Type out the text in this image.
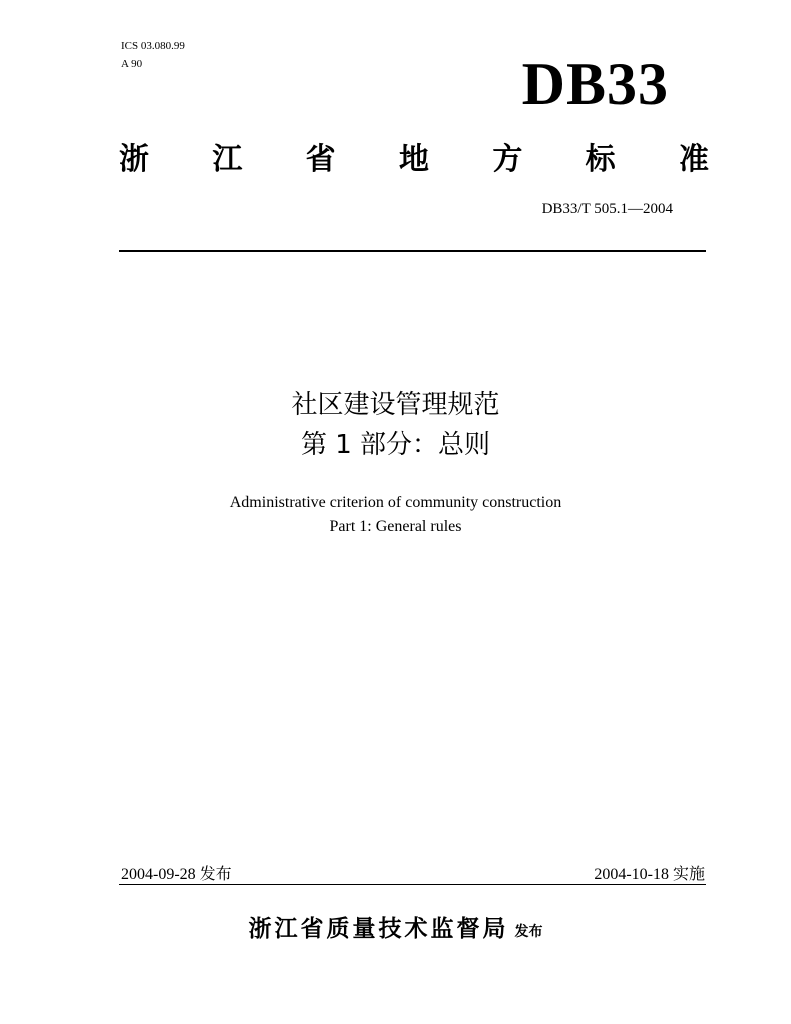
ICS 03.080.99
A 90	DB33
浙 江 省 地 方 标 准
DB33/T 505.1—2004
社区建设管理规范
第 1 部分：总则
Administrative criterion of community construction
Part 1: General rules
2004-09-28 发布	2004-10-18 实施
浙江省质量技术监督局 发布
